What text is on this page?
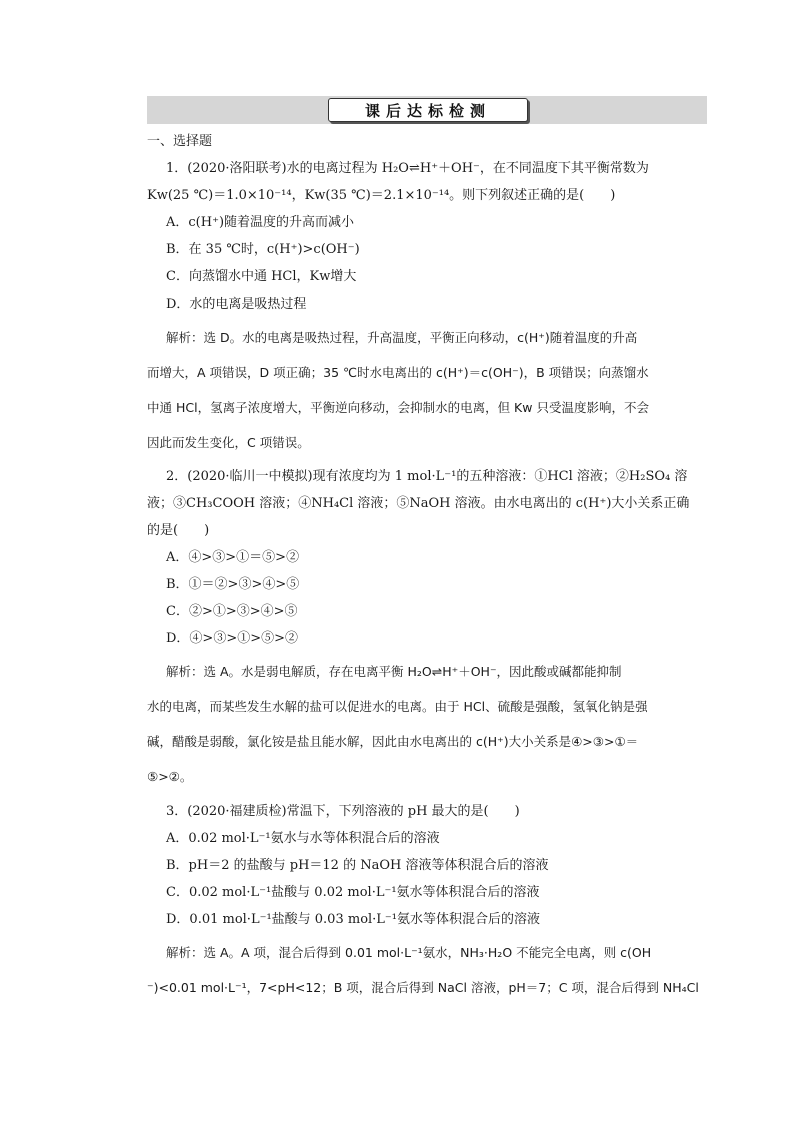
课后达标检测
一、选择题
1．(2020·洛阳联考)水的电离过程为 H₂O⇌H⁺＋OH⁻，在不同温度下其平衡常数为
Kw(25 ℃)＝1.0×10⁻¹⁴，Kw(35 ℃)＝2.1×10⁻¹⁴。则下列叙述正确的是(　　)
A．c(H⁺)随着温度的升高而减小
B．在 35 ℃时，c(H⁺)>c(OH⁻)
C．向蒸馏水中通 HCl，Kw增大
D．水的电离是吸热过程
解析：选 D。水的电离是吸热过程，升高温度，平衡正向移动，c(H⁺)随着温度的升高
而增大，A 项错误，D 项正确；35 ℃时水电离出的 c(H⁺)＝c(OH⁻)，B 项错误；向蒸馏水
中通 HCl，氢离子浓度增大，平衡逆向移动，会抑制水的电离，但 Kw 只受温度影响，不会
因此而发生变化，C 项错误。
2．(2020·临川一中模拟)现有浓度均为 1 mol·L⁻¹的五种溶液：①HCl 溶液；②H₂SO₄ 溶
液；③CH₃COOH 溶液；④NH₄Cl 溶液；⑤NaOH 溶液。由水电离出的 c(H⁺)大小关系正确
的是(　　)
A．④>③>①＝⑤>②
B．①＝②>③>④>⑤
C．②>①>③>④>⑤
D．④>③>①>⑤>②
解析：选 A。水是弱电解质，存在电离平衡 H₂O⇌H⁺＋OH⁻，因此酸或碱都能抑制
水的电离，而某些发生水解的盐可以促进水的电离。由于 HCl、硫酸是强酸，氢氧化钠是强
碱，醋酸是弱酸，氯化铵是盐且能水解，因此由水电离出的 c(H⁺)大小关系是④>③>①＝
⑤>②。
3．(2020·福建质检)常温下，下列溶液的 pH 最大的是(　　)
A．0.02 mol·L⁻¹氨水与水等体积混合后的溶液
B．pH＝2 的盐酸与 pH＝12 的 NaOH 溶液等体积混合后的溶液
C．0.02 mol·L⁻¹盐酸与 0.02 mol·L⁻¹氨水等体积混合后的溶液
D．0.01 mol·L⁻¹盐酸与 0.03 mol·L⁻¹氨水等体积混合后的溶液
解析：选 A。A 项，混合后得到 0.01 mol·L⁻¹氨水，NH₃·H₂O 不能完全电离，则 c(OH
⁻)<0.01 mol·L⁻¹，7<pH<12；B 项，混合后得到 NaCl 溶液，pH＝7；C 项，混合后得到 NH₄Cl
